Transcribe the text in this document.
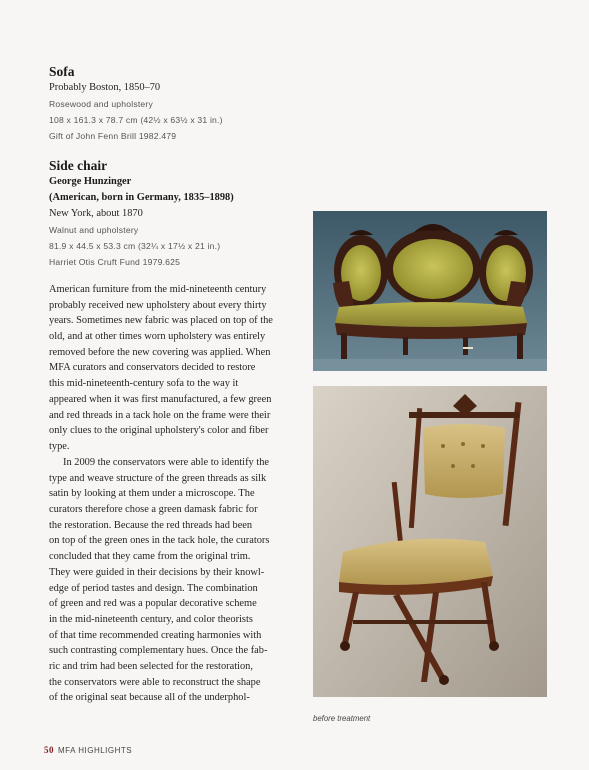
Sofa

Probably Boston, 1850–70

Rosewood and upholstery

108 x 161.3 x 78.7 cm (42½ x 63½ x 31 in.)

Gift of John Fenn Brill 1982.479

Side chair

George Hunzinger

(American, born in Germany, 1835–1898)

New York, about 1870

Walnut and upholstery

81.9 x 44.5 x 53.3 cm (32¼ x 17½ x 21 in.)

Harriet Otis Cruft Fund 1979.625

American furniture from the mid-nineteenth century
probably received new upholstery about every thirty
years. Sometimes new fabric was placed on top of the
old, and at other times worn upholstery was entirely
removed before the new covering was applied. When
MFA curators and conservators decided to restore
this mid-nineteenth-century sofa to the way it
appeared when it was first manufactured, a few green
and red threads in a tack hole on the frame were their
only clues to the original upholstery's color and fiber
type.
In 2009 the conservators were able to identify the
type and weave structure of the green threads as silk
satin by looking at them under a microscope. The
curators therefore chose a green damask fabric for
the restoration. Because the red threads had been
on top of the green ones in the tack hole, the curators
concluded that they came from the original trim.
They were guided in their decisions by their knowl-
edge of period tastes and design. The combination
of green and red was a popular decorative scheme
in the mid-nineteenth century, and color theorists
of that time recommended creating harmonies with
such contrasting complementary hues. Once the fab-
ric and trim had been selected for the restoration,
the conservators were able to reconstruct the shape
of the original seat because all of the underphol-

before treatment

50 MFA HIGHLIGHTS
